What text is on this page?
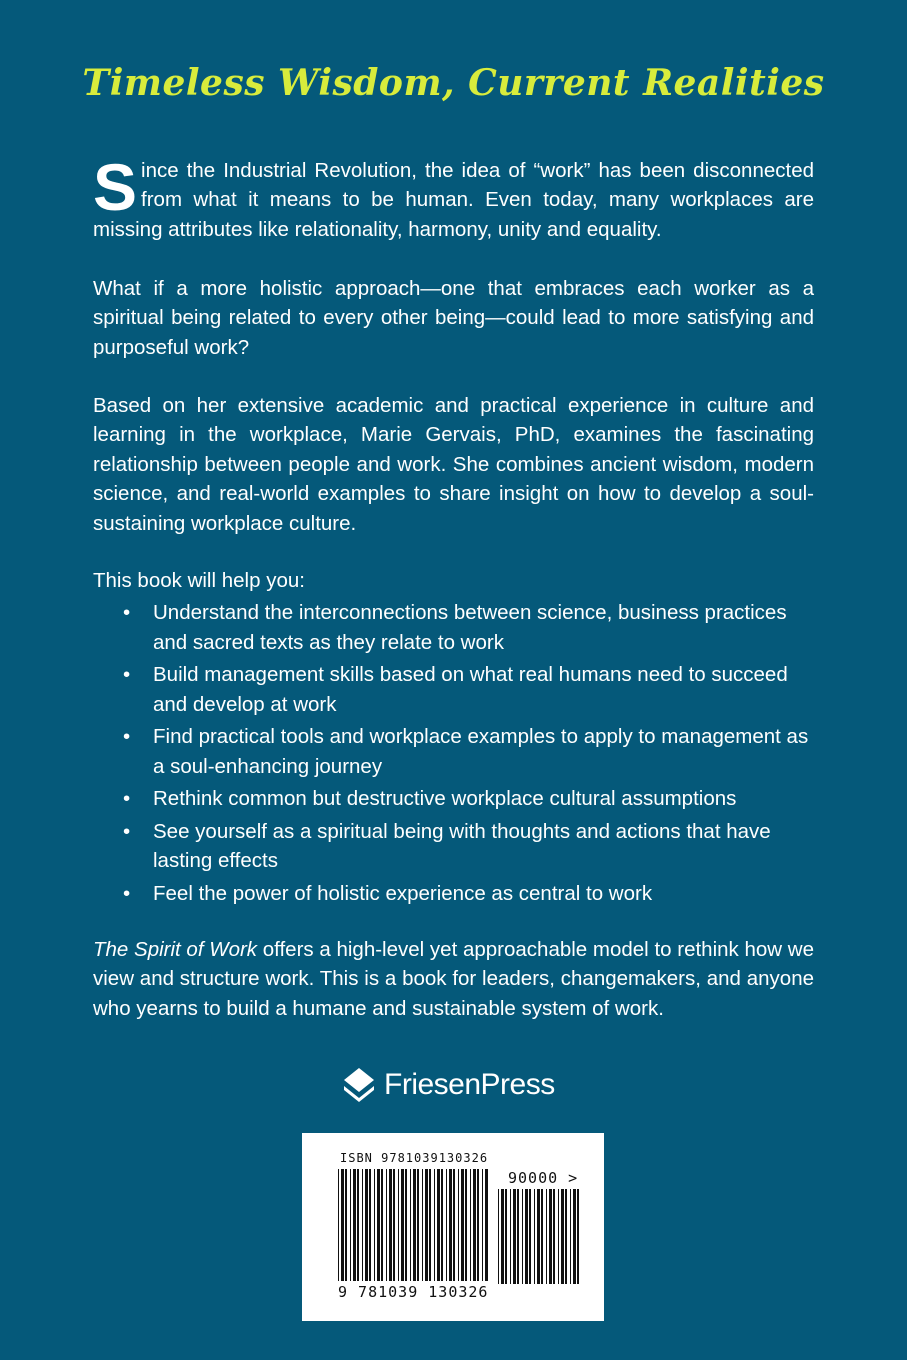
Timeless Wisdom, Current Realities
Since the Industrial Revolution, the idea of “work” has been disconnected from what it means to be human. Even today, many workplaces are missing attributes like relationality, harmony, unity and equality.
What if a more holistic approach—one that embraces each worker as a spiritual being related to every other being—could lead to more satisfying and purposeful work?
Based on her extensive academic and practical experience in culture and learning in the workplace, Marie Gervais, PhD, examines the fascinating relationship between people and work. She combines ancient wisdom, modern science, and real-world examples to share insight on how to develop a soul-sustaining workplace culture.
This book will help you:
• Understand the interconnections between science, business practices and sacred texts as they relate to work
• Build management skills based on what real humans need to succeed and develop at work
• Find practical tools and workplace examples to apply to management as a soul-enhancing journey
• Rethink common but destructive workplace cultural assumptions
• See yourself as a spiritual being with thoughts and actions that have lasting effects
• Feel the power of holistic experience as central to work
The Spirit of Work offers a high-level yet approachable model to rethink how we view and structure work. This is a book for leaders, changemakers, and anyone who yearns to build a humane and sustainable system of work.
FriesenPress
ISBN 9781039130326
90000 >
9 781039 130326
